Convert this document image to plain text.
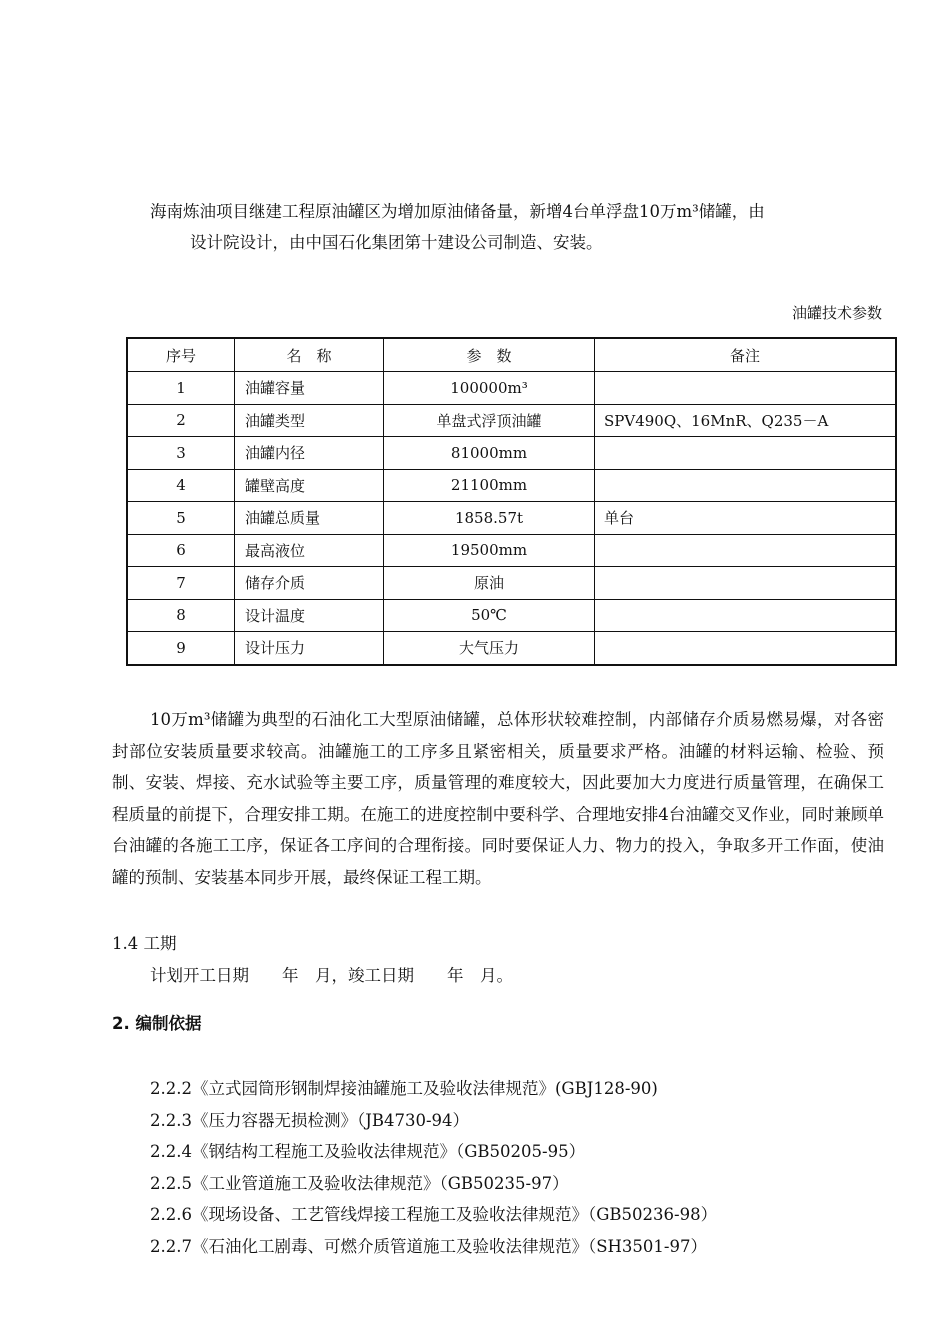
海南炼油项目继建工程原油罐区为增加原油储备量，新增4台单浮盘10万m³储罐，由
设计院设计，由中国石化集团第十建设公司制造、安装。
油罐技术参数
序号	名　称	参　数	备注
1	油罐容量	100000m³	
2	油罐类型	单盘式浮顶油罐	SPV490Q、16MnR、Q235－A
3	油罐内径	81000mm	
4	罐壁高度	21100mm	
5	油罐总质量	1858.57t	单台
6	最高液位	19500mm	
7	储存介质	原油	
8	设计温度	50℃	
9	设计压力	大气压力	
10万m³储罐为典型的石油化工大型原油储罐，总体形状较难控制，内部储存介质易燃易爆，对各密封部位安装质量要求较高。油罐施工的工序多且紧密相关，质量要求严格。油罐的材料运输、检验、预制、安装、焊接、充水试验等主要工序，质量管理的难度较大，因此要加大力度进行质量管理，在确保工程质量的前提下，合理安排工期。在施工的进度控制中要科学、合理地安排4台油罐交叉作业，同时兼顾单台油罐的各施工工序，保证各工序间的合理衔接。同时要保证人力、物力的投入，争取多开工作面，使油罐的预制、安装基本同步开展，最终保证工程工期。
1.4 工期
计划开工日期　　年　月，竣工日期　　年　月。
2. 编制依据
2.2.2《立式园筒形钢制焊接油罐施工及验收法律规范》(GBJ128-90)
2.2.3《压力容器无损检测》（JB4730-94）
2.2.4《钢结构工程施工及验收法律规范》（GB50205-95）
2.2.5《工业管道施工及验收法律规范》（GB50235-97）
2.2.6《现场设备、工艺管线焊接工程施工及验收法律规范》（GB50236-98）
2.2.7《石油化工剧毒、可燃介质管道施工及验收法律规范》（SH3501-97）
